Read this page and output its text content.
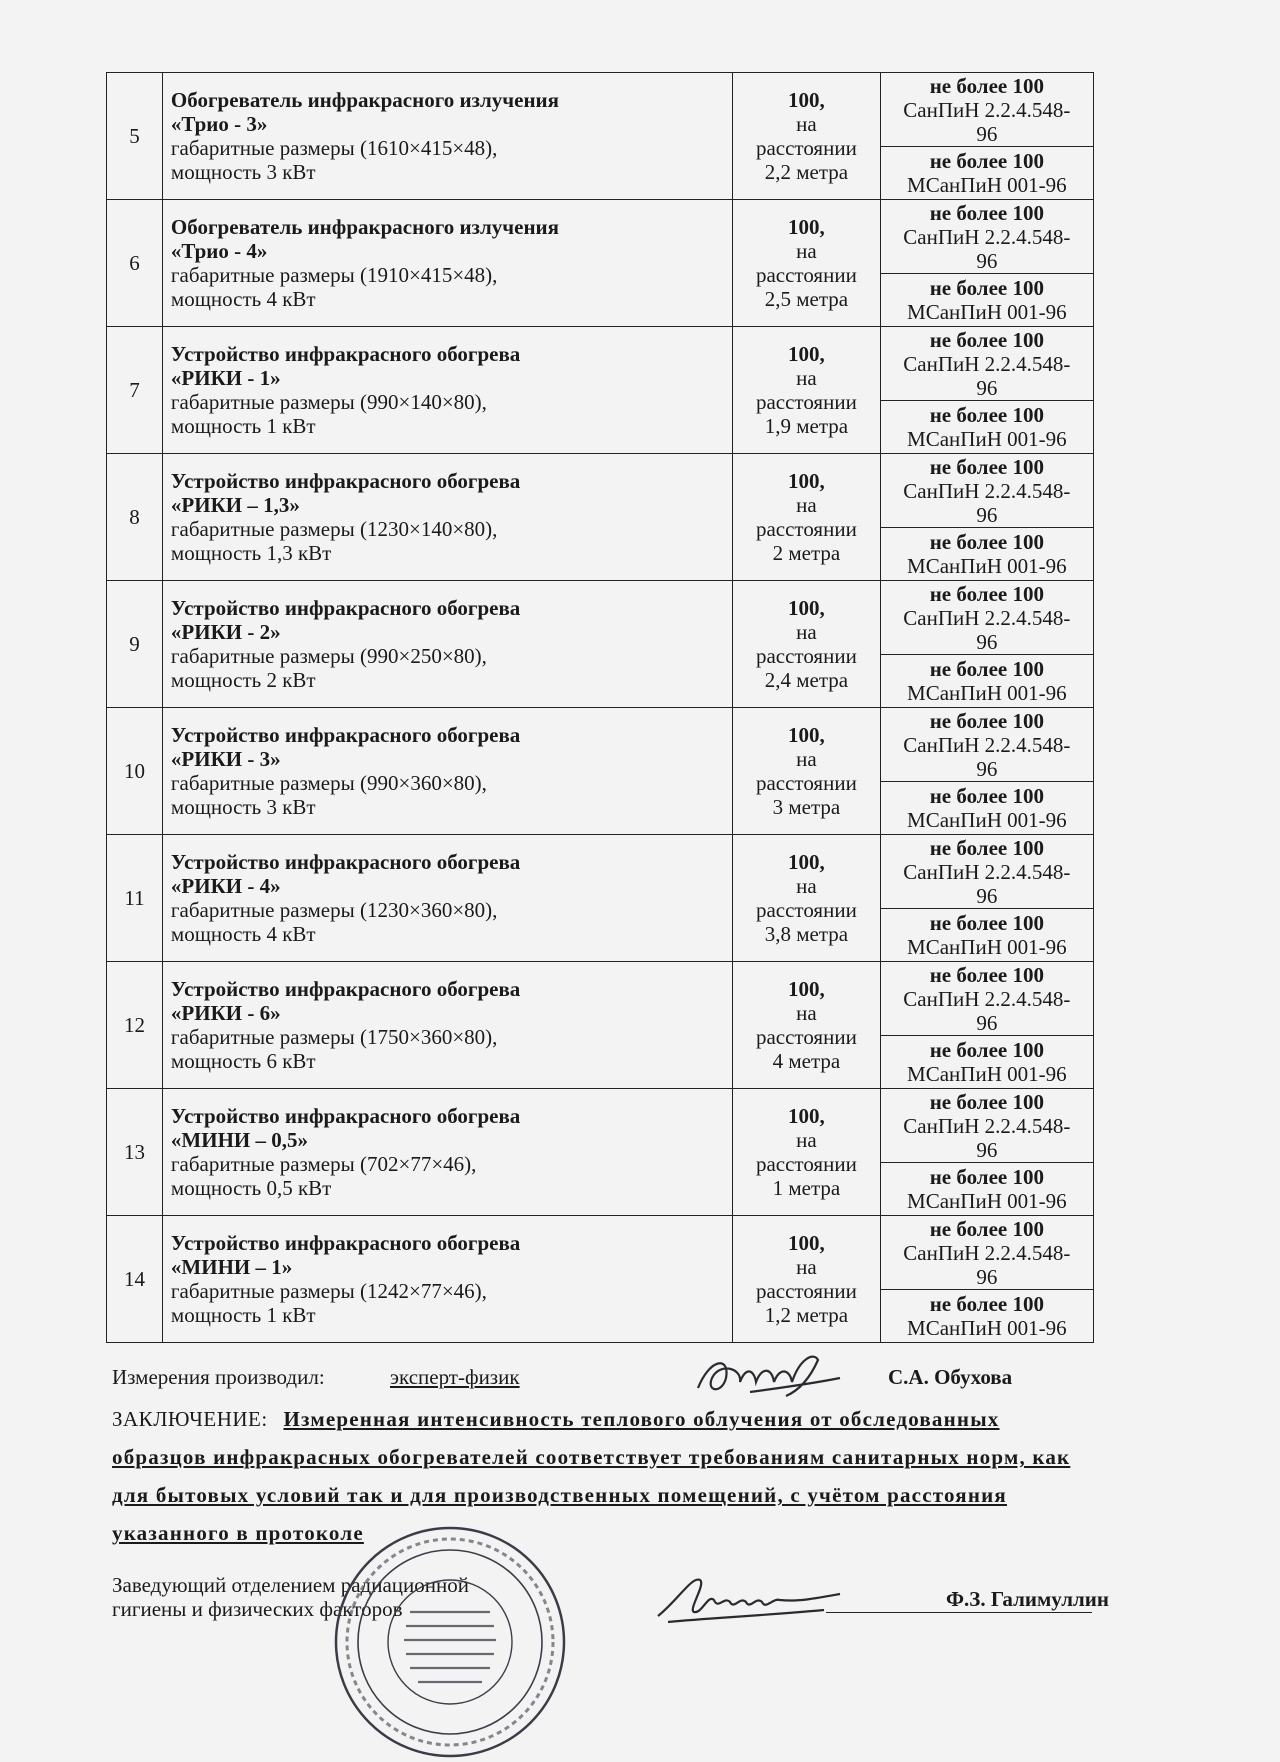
5	Обогреватель инфракрасного излучения
«Трио - 3»
габаритные размеры (1610×415×48),
мощность 3 кВт	100,
на
расстоянии
2,2 метра	не более 100
СанПиН 2.2.4.548-
96

			не более 100
МСанПиН 001-96

6	Обогреватель инфракрасного излучения
«Трио - 4»
габаритные размеры (1910×415×48),
мощность 4 кВт	100,
на
расстоянии
2,5 метра	не более 100
СанПиН 2.2.4.548-
96

			не более 100
МСанПиН 001-96

7	Устройство инфракрасного обогрева
«РИКИ - 1»
габаритные размеры (990×140×80),
мощность 1 кВт	100,
на
расстоянии
1,9 метра	не более 100
СанПиН 2.2.4.548-
96

			не более 100
МСанПиН 001-96

8	Устройство инфракрасного обогрева
«РИКИ – 1,3»
габаритные размеры (1230×140×80),
мощность 1,3 кВт	100,
на
расстоянии
2 метра	не более 100
СанПиН 2.2.4.548-
96

			не более 100
МСанПиН 001-96

9	Устройство инфракрасного обогрева
«РИКИ - 2»
габаритные размеры (990×250×80),
мощность 2 кВт	100,
на
расстоянии
2,4 метра	не более 100
СанПиН 2.2.4.548-
96

			не более 100
МСанПиН 001-96

10	Устройство инфракрасного обогрева
«РИКИ - 3»
габаритные размеры (990×360×80),
мощность 3 кВт	100,
на
расстоянии
3 метра	не более 100
СанПиН 2.2.4.548-
96

			не более 100
МСанПиН 001-96

11	Устройство инфракрасного обогрева
«РИКИ - 4»
габаритные размеры (1230×360×80),
мощность 4 кВт	100,
на
расстоянии
3,8 метра	не более 100
СанПиН 2.2.4.548-
96

			не более 100
МСанПиН 001-96

12	Устройство инфракрасного обогрева
«РИКИ - 6»
габаритные размеры (1750×360×80),
мощность 6 кВт	100,
на
расстоянии
4 метра	не более 100
СанПиН 2.2.4.548-
96

			не более 100
МСанПиН 001-96

13	Устройство инфракрасного обогрева
«МИНИ – 0,5»
габаритные размеры (702×77×46),
мощность 0,5 кВт	100,
на
расстоянии
1 метра	не более 100
СанПиН 2.2.4.548-
96

			не более 100
МСанПиН 001-96

14	Устройство инфракрасного обогрева
«МИНИ – 1»
габаритные размеры (1242×77×46),
мощность 1 кВт	100,
на
расстоянии
1,2 метра	не более 100
СанПиН 2.2.4.548-
96

			не более 100
МСанПиН 001-96
Измерения производил:	эксперт-физик	С.А. Обухова
ЗАКЛЮЧЕНИЕ: Измеренная интенсивность теплового облучения от обследованных образцов инфракрасных обогревателей соответствует требованиям санитарных норм, как для бытовых условий так и для производственных помещений, с учётом расстояния указанного в протоколе
Заведующий отделением радиационной
гигиены и физических факторов	Ф.З. Галимуллин
